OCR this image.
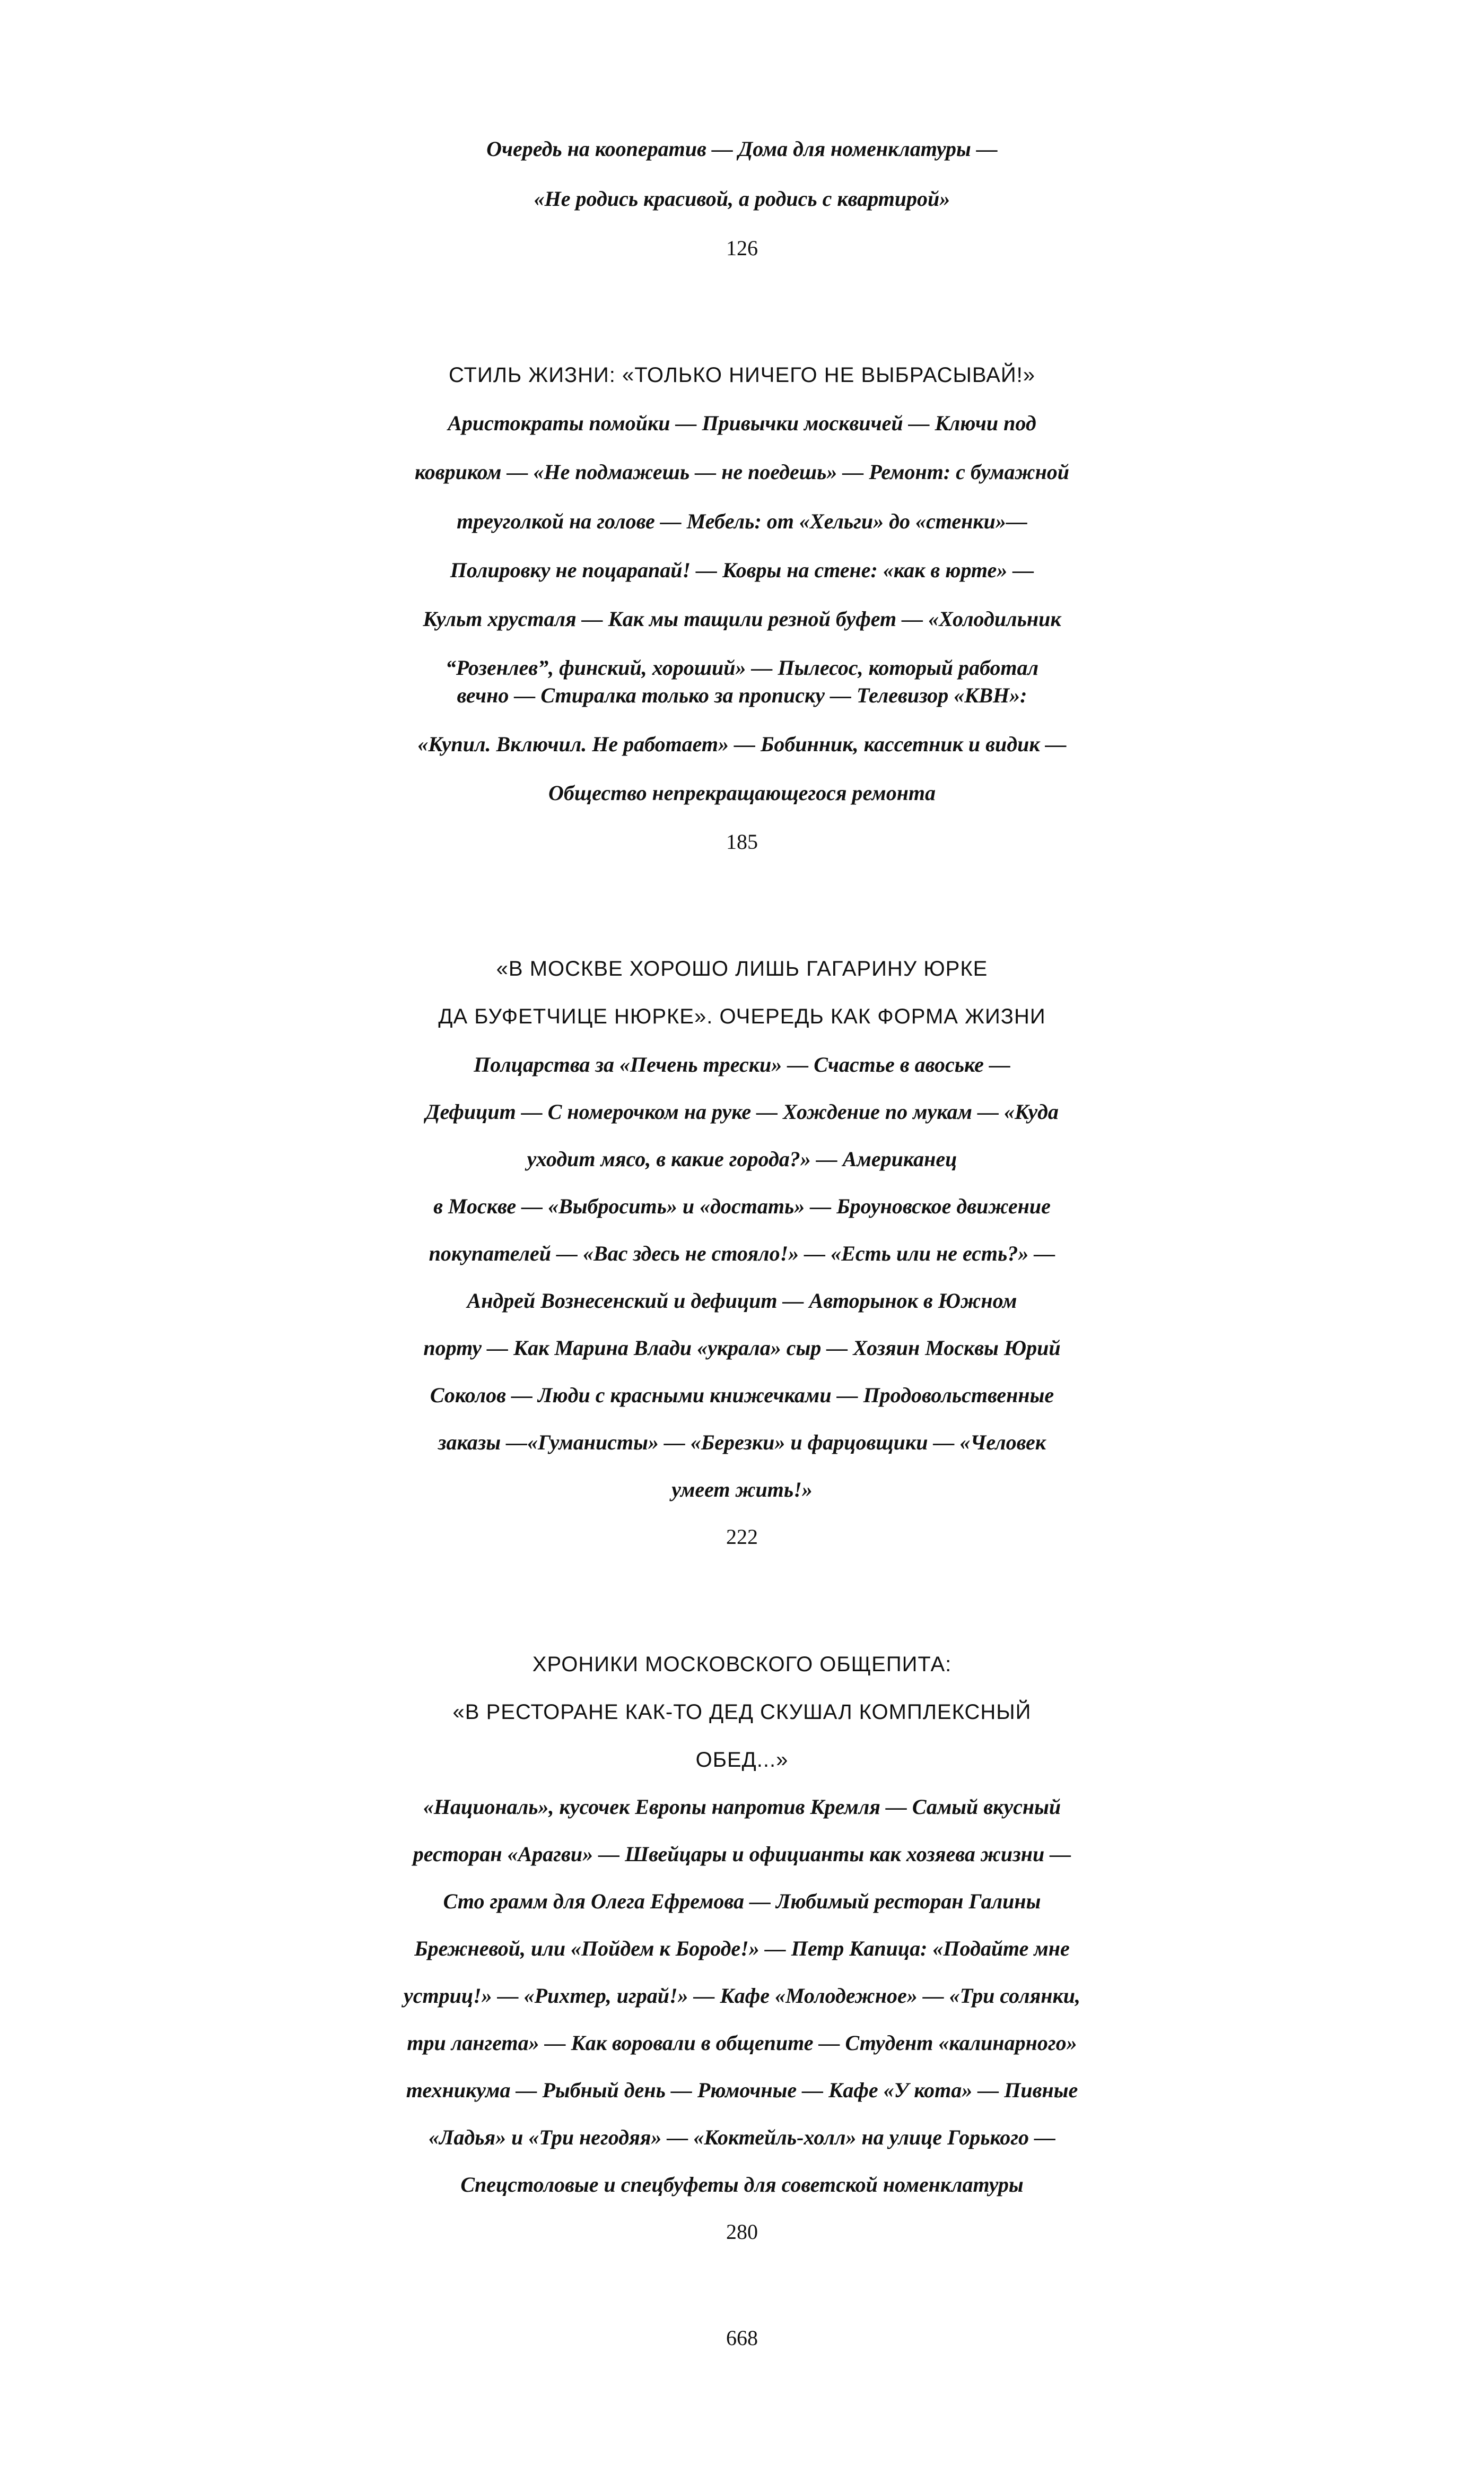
Очередь на кооператив — Дома для номенклатуры —
«Не родись красивой, а родись с квартирой»
126
СТИЛЬ ЖИЗНИ: «ТОЛЬКО НИЧЕГО НЕ ВЫБРАСЫВАЙ!»
Аристократы помойки — Привычки москвичей — Ключи под
ковриком — «Не подмажешь — не поедешь» — Ремонт: с бумажной
треуголкой на голове — Мебель: от «Хельги» до «стенки»—
Полировку не поцарапай! — Ковры на стене: «как в юрте» —
Культ хрусталя — Как мы тащили резной буфет — «Холодильник
“Розенлев”, финский, хороший» — Пылесос, который работал
вечно — Стиралка только за прописку — Телевизор «КВН»:
«Купил. Включил. Не работает» — Бобинник, кассетник и видик —
Общество непрекращающегося ремонта
185
«В МОСКВЕ ХОРОШО ЛИШЬ ГАГАРИНУ ЮРКЕ
ДА БУФЕТЧИЦЕ НЮРКЕ». ОЧЕРЕДЬ КАК ФОРМА ЖИЗНИ
Полцарства за «Печень трески» — Счастье в авоське —
Дефицит — С номерочком на руке — Хождение по мукам — «Куда
уходит мясо, в какие города?» — Американец
в Москве — «Выбросить» и «достать» — Броуновское движение
покупателей — «Вас здесь не стояло!» — «Есть или не есть?» —
Андрей Вознесенский и дефицит — Авторынок в Южном
порту — Как Марина Влади «украла» сыр — Хозяин Москвы Юрий
Соколов — Люди с красными книжечками — Продовольственные
заказы —«Гуманисты» — «Березки» и фарцовщики — «Человек
умеет жить!»
222
ХРОНИКИ МОСКОВСКОГО ОБЩЕПИТА:
«В РЕСТОРАНЕ КАК-ТО ДЕД СКУШАЛ КОМПЛЕКСНЫЙ
ОБЕД...»
«Националь», кусочек Европы напротив Кремля — Самый вкусный
ресторан «Арагви» — Швейцары и официанты как хозяева жизни —
Сто грамм для Олега Ефремова — Любимый ресторан Галины
Брежневой, или «Пойдем к Бороде!» — Петр Капица: «Подайте мне
устриц!» — «Рихтер, играй!» — Кафе «Молодежное» — «Три солянки,
три лангета» — Как воровали в общепите — Студент «калинарного»
техникума — Рыбный день — Рюмочные — Кафе «У кота» — Пивные
«Ладья» и «Три негодяя» — «Коктейль-холл» на улице Горького —
Спецстоловые и спецбуфеты для советской номенклатуры
280
668
